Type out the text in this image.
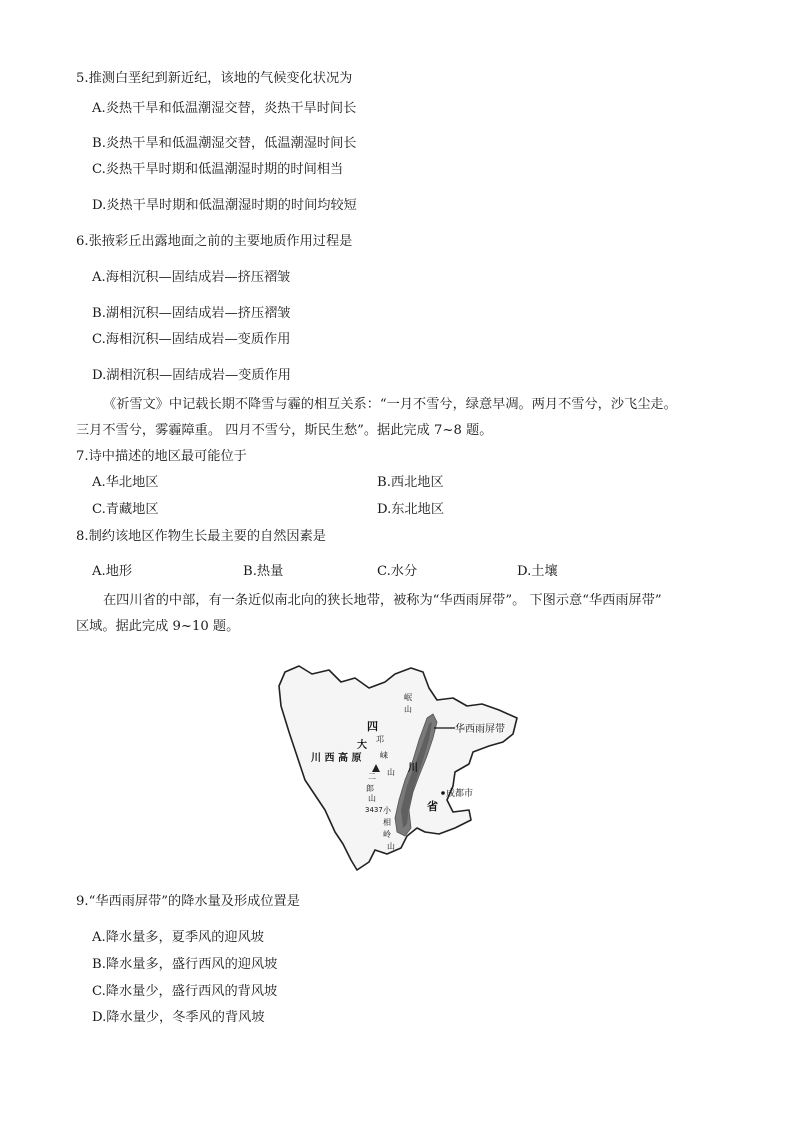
5.推测白垩纪到新近纪，该地的气候变化状况为
A.炎热干旱和低温潮湿交替，炎热干旱时间长
B.炎热干旱和低温潮湿交替，低温潮湿时间长
C.炎热干旱时期和低温潮湿时期的时间相当
D.炎热干旱时期和低温潮湿时期的时间均较短
6.张掖彩丘出露地面之前的主要地质作用过程是
A.海相沉积—固结成岩—挤压褶皱
B.湖相沉积—固结成岩—挤压褶皱
C.海相沉积—固结成岩—变质作用
D.湖相沉积—固结成岩—变质作用
《祈雪文》中记载长期不降雪与霾的相互关系：“一月不雪兮，绿意早凋。两月不雪兮，沙飞尘走。
三月不雪兮，雾霾障重。 四月不雪兮，斯民生愁”。据此完成 7~8 题。
7.诗中描述的地区最可能位于
A.华北地区	B.西北地区
C.青藏地区	D.东北地区
8.制约该地区作物生长最主要的自然因素是
A.地形	B.热量	C.水分	D.土壤
在四川省的中部，有一条近似南北向的狭长地带，被称为“华西雨屏带”。 下图示意“华西雨屏带”
区域。据此完成 9~10 题。
华西雨屏带
成都市
四
省
大
川 西 高 原
岷
山
邛
崃
山 川
二
郎
山
3437 小
相
岭
山
9.“华西雨屏带”的降水量及形成位置是
A.降水量多，夏季风的迎风坡
B.降水量多，盛行西风的迎风坡
C.降水量少，盛行西风的背风坡
D.降水量少，冬季风的背风坡
